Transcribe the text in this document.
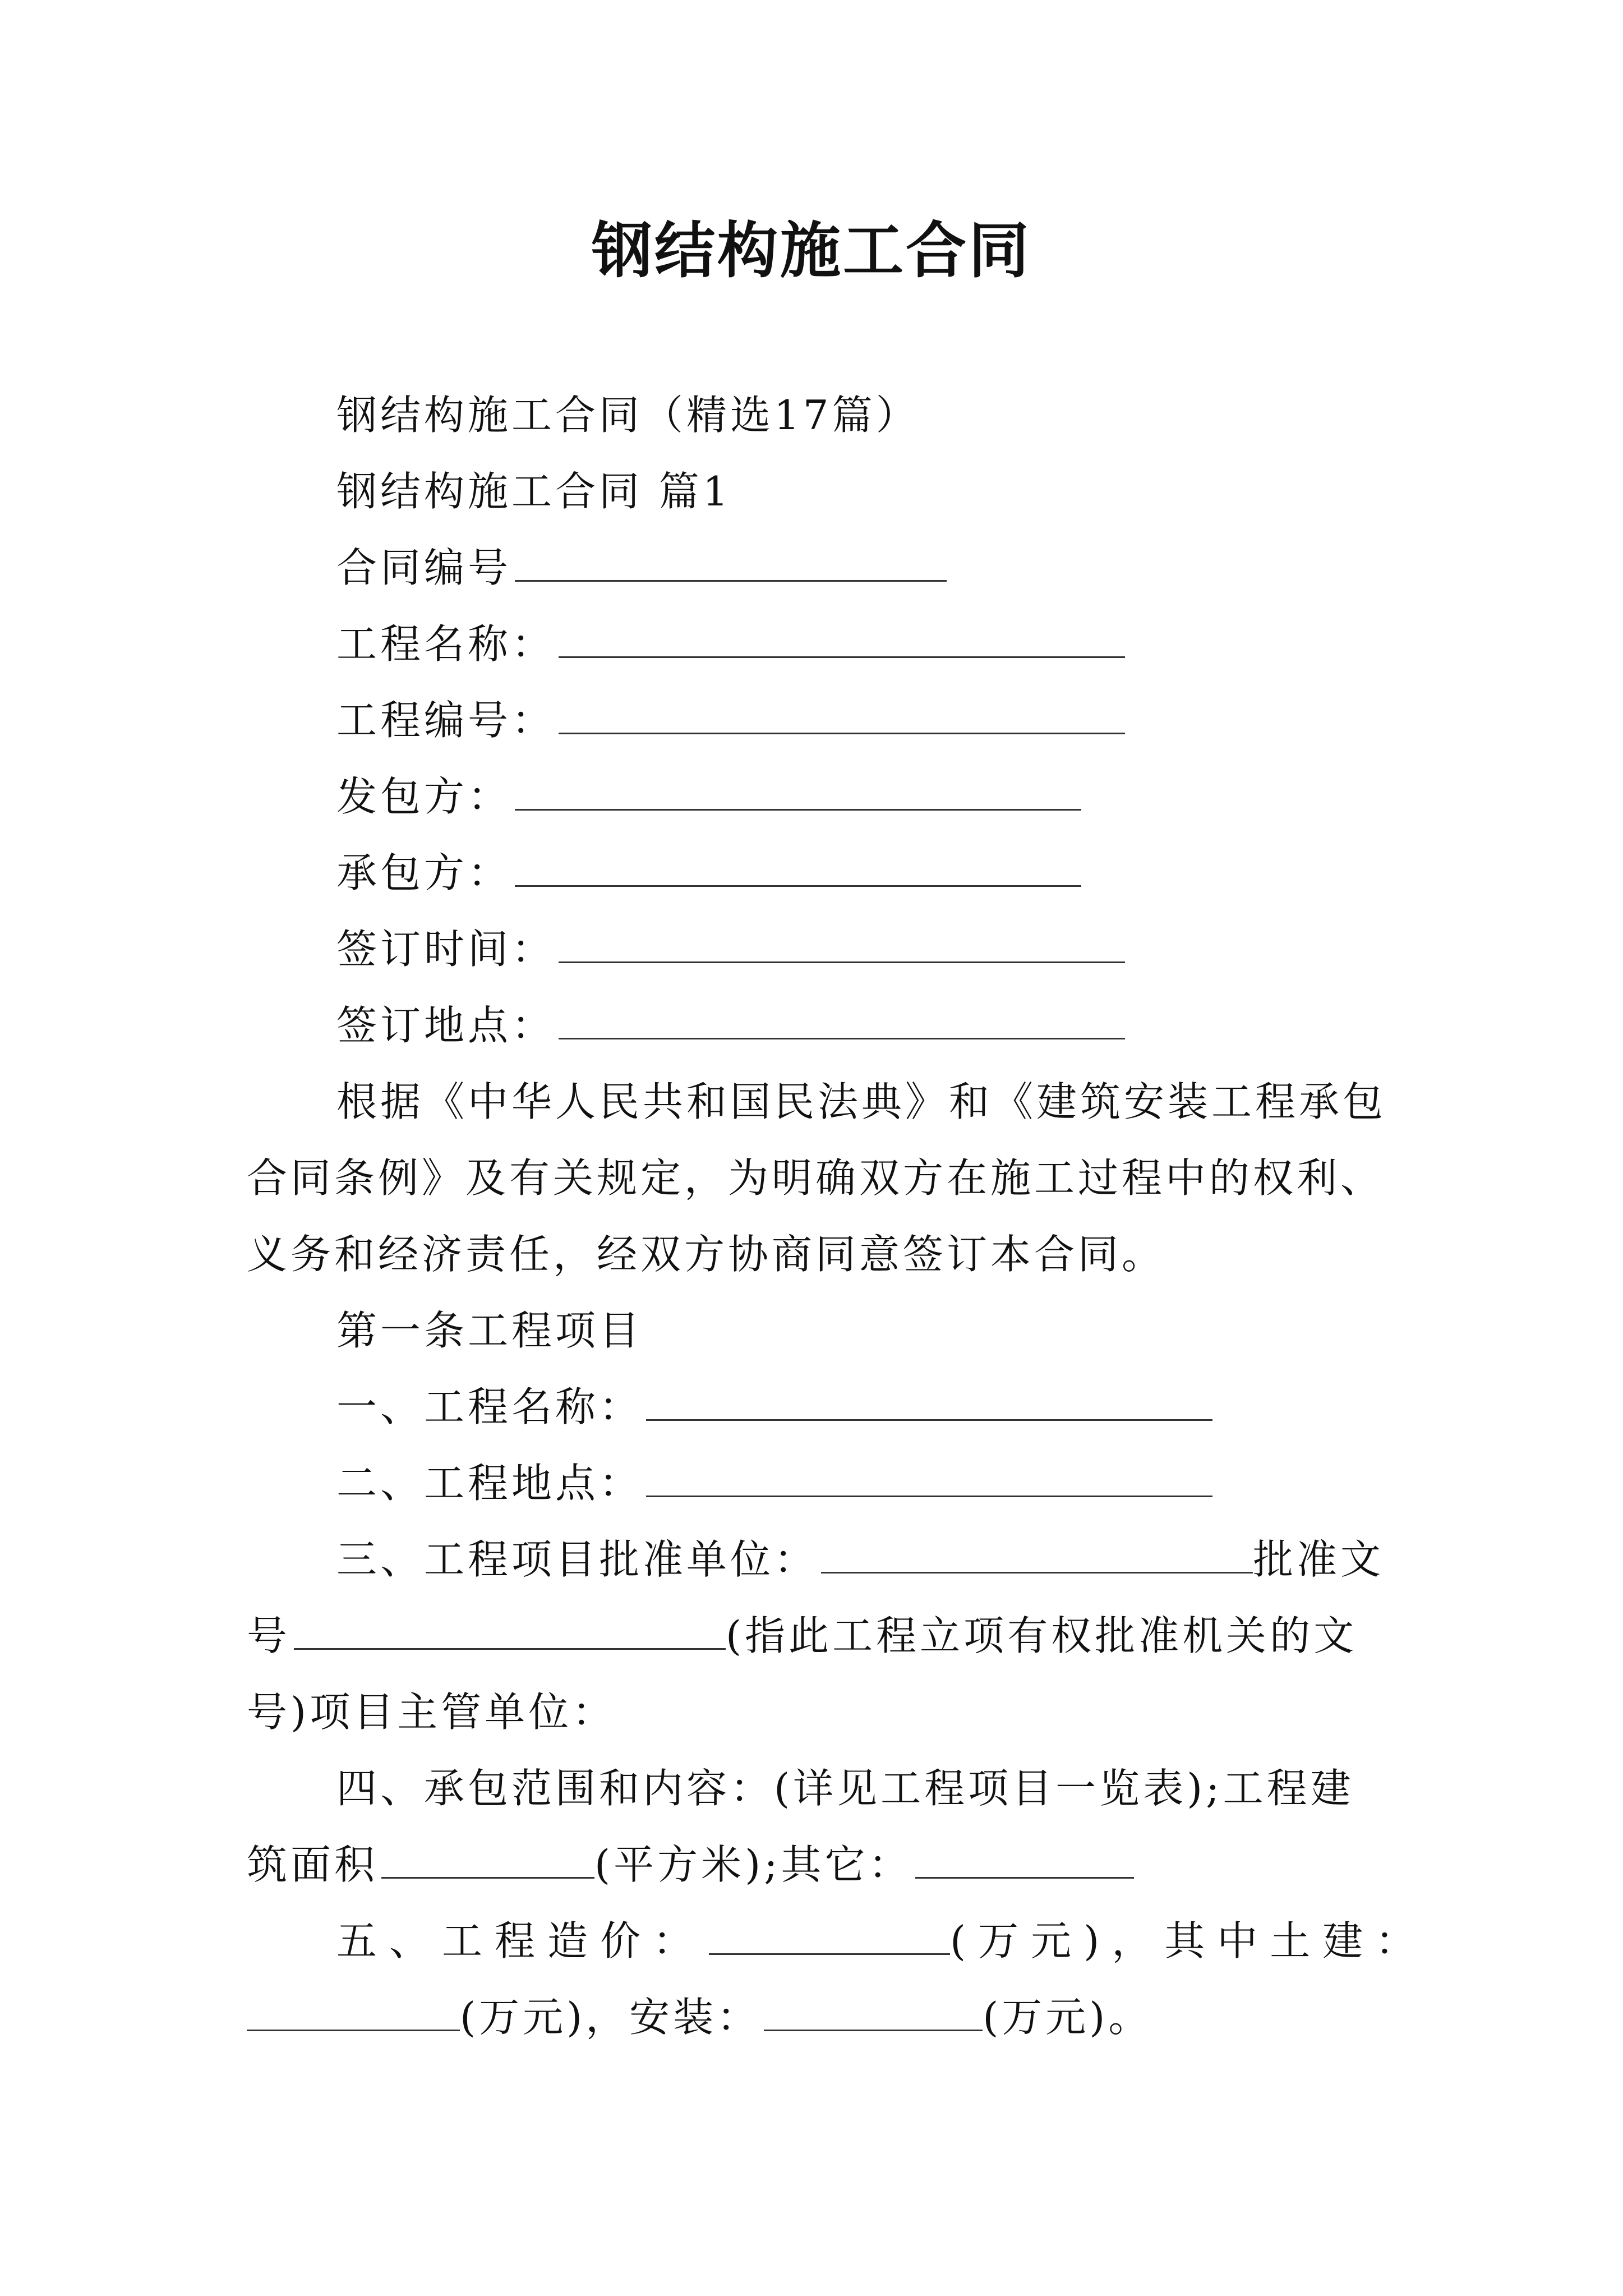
钢结构施工合同
钢结构施工合同（精选17篇）
钢结构施工合同 篇1
合同编号
工程名称：
工程编号：
发包方：
承包方：
签订时间：
签订地点：
根据《中华人民共和国民法典》和《建筑安装工程承包
合同条例》及有关规定，为明确双方在施工过程中的权利、
义务和经济责任，经双方协商同意签订本合同。
第一条工程项目
一、工程名称：
二、工程地点：
三、工程项目批准单位：	批准文
号	(指此工程立项有权批准机关的文
号)项目主管单位：
四、承包范围和内容：(详见工程项目一览表);工程建
筑面积	(平方米);其它：
五、工程造价：	(万元)，其中土建：
(万元)，安装：	(万元)。
